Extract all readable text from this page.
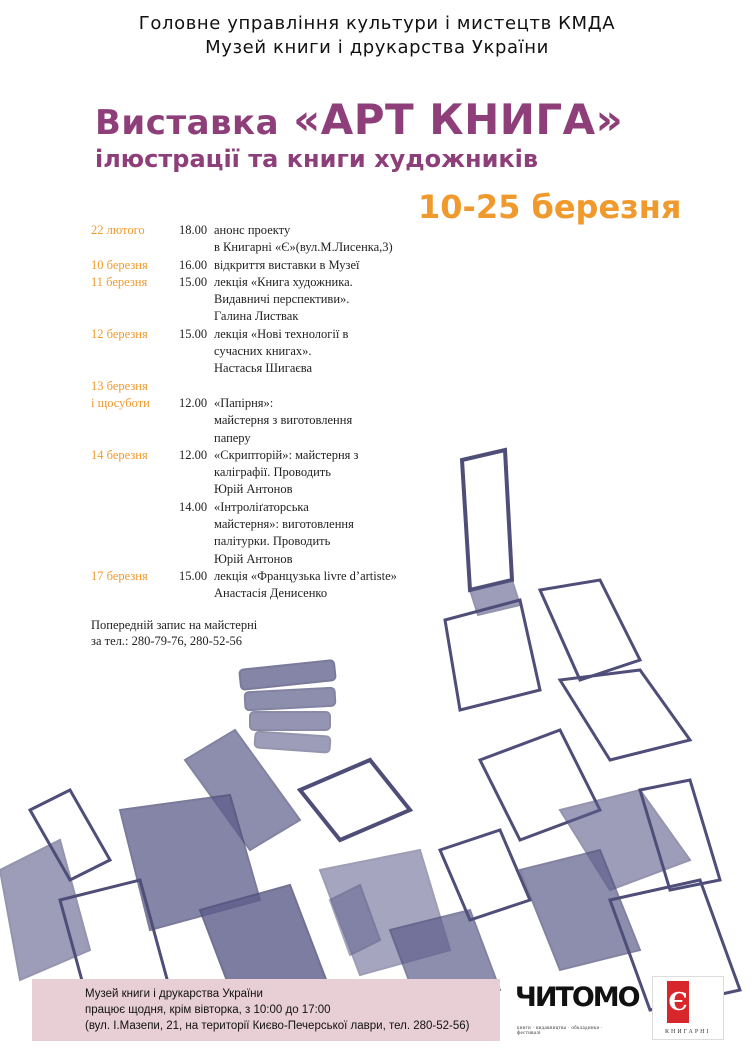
Головне управління культури і мистецтв КМДА
Музей книги і друкарства України
Виставка «АРТ КНИГА»
ілюстрації та книги художників
10-25 березня
22 лютого	18.00 анонс проекту
в Книгарні «Є»(вул.М.Лисенка,3)
10 березня	16.00 відкриття виставки в Музеї
11 березня	15.00 лекція «Книга художника.
Видавничі перспективи».
Галина Листвак
12 березня	15.00 лекція «Нові технології в
сучасних книгах».
Настасья Шигаєва
13 березня
і щосуботи	12.00 «Папірня»:
майстерня з виготовлення
паперу
14 березня	12.00 «Скрипторій»: майстерня з
каліграфії. Проводить
Юрій Антонов
14.00 «Інтроліґаторська
майстерня»: виготовлення
палітурки. Проводить
Юрій Антонов
17 березня	15.00 лекція «Французька livre d’artiste»
Анастасія Денисенко
Попередній запис на майстерні
за тел.: 280-79-76, 280-52-56
Музей книги і друкарства України
працює щодня, крім вівторка, з 10:00 до 17:00
(вул. І.Мазепи, 21, на території Києво-Печерської лаври, тел. 280-52-56)
ЧИТОМО
книги · видавництва · обкладинки · фестивалі
Є
КНИГАРНІ
